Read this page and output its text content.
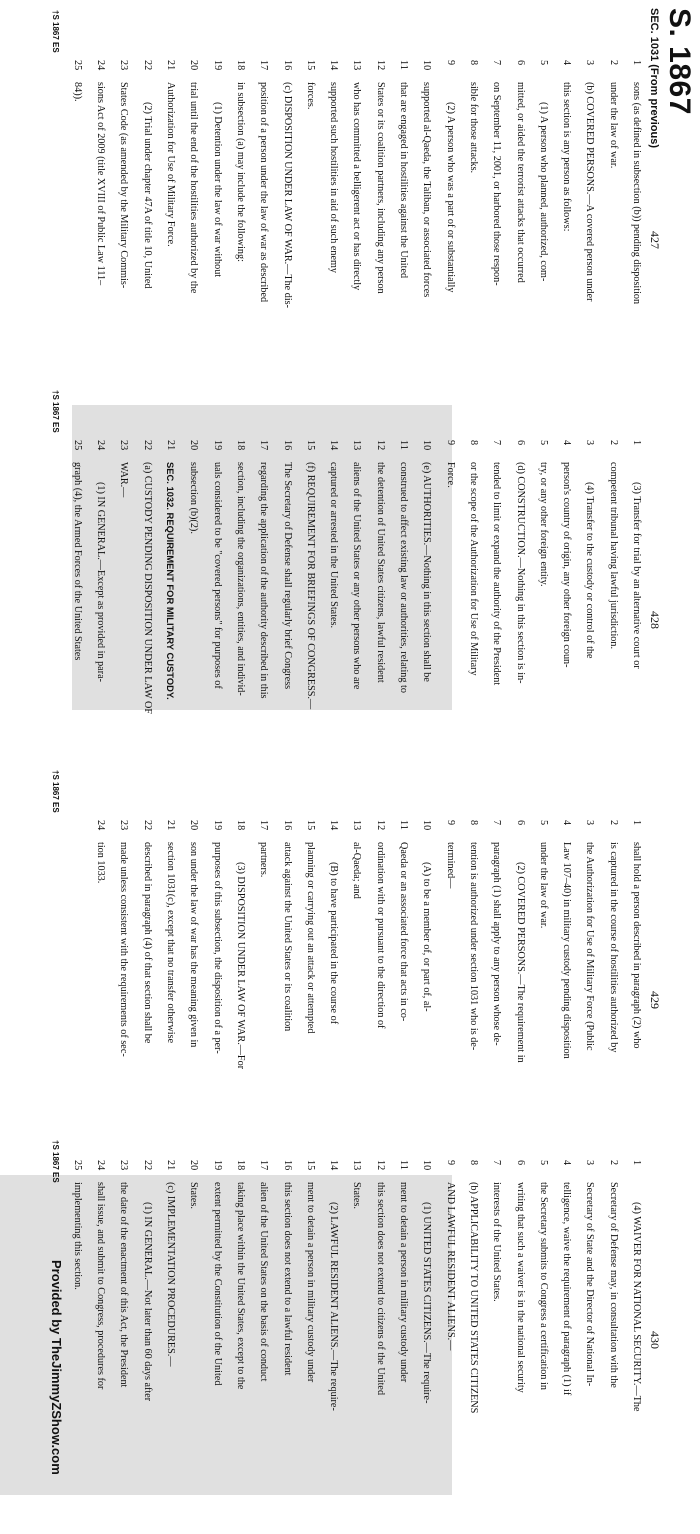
S. 1867
SEC. 1031 (From previous)
427
1
sons (as defined in subsection (b)) pending disposition
2
under the law of war.
3
(b) COVERED PERSONS.—A covered person under
4
this section is any person as follows:
5
(1) A person who planned, authorized, com-
6
mitted, or aided the terrorist attacks that occurred
7
on September 11, 2001, or harbored those respon-
8
sible for those attacks.
9
(2) A person who was a part of or substantially
10
supported al-Qaeda, the Taliban, or associated forces
11
that are engaged in hostilities against the United
12
States or its coalition partners, including any person
13
who has committed a belligerent act or has directly
14
supported such hostilities in aid of such enemy
15
forces.
16
(c) DISPOSITION UNDER LAW OF WAR.—The dis-
17
position of a person under the law of war as described
18
in subsection (a) may include the following:
19
(1) Detention under the law of war without
20
trial until the end of the hostilities authorized by the
21
Authorization for Use of Military Force.
22
(2) Trial under chapter 47A of title 10, United
23
States Code (as amended by the Military Commis-
24
sions Act of 2009 (title XVIII of Public Law 111–
25
84)).
428
1
(3) Transfer for trial by an alternative court or
2
competent tribunal having lawful jurisdiction.
3
(4) Transfer to the custody or control of the
4
person's country of origin, any other foreign coun-
5
try, or any other foreign entity.
6
(d) CONSTRUCTION.—Nothing in this section is in-
7
tended to limit or expand the authority of the President
8
or the scope of the Authorization for Use of Military
9
Force.
10
(e) AUTHORITIES.—Nothing in this section shall be
11
construed to affect existing law or authorities, relating to
12
the detention of United States citizens, lawful resident
13
aliens of the United States or any other persons who are
14
captured or arrested in the United States.
15
(f) REQUIREMENT FOR BRIEFINGS OF CONGRESS.—
16
The Secretary of Defense shall regularly brief Congress
17
regarding the application of the authority described in this
18
section, including the organizations, entities, and individ-
19
uals considered to be "covered persons" for purposes of
20
subsection (b)(2).
21
SEC. 1032. REQUIREMENT FOR MILITARY CUSTODY.
22
(a) CUSTODY PENDING DISPOSITION UNDER LAW OF
23
WAR.—
24
(1) IN GENERAL.—Except as provided in para-
25
graph (4), the Armed Forces of the United States
429
1
shall hold a person described in paragraph (2) who
2
is captured in the course of hostilities authorized by
3
the Authorization for Use of Military Force (Public
4
Law 107–40) in military custody pending disposition
5
under the law of war.
6
(2) COVERED PERSONS.—The requirement in
7
paragraph (1) shall apply to any person whose de-
8
tention is authorized under section 1031 who is de-
9
termined—
10
(A) to be a member of, or part of, al-
11
Qaeda or an associated force that acts in co-
12
ordination with or pursuant to the direction of
13
al-Qaeda; and
14
(B) to have participated in the course of
15
planning or carrying out an attack or attempted
16
attack against the United States or its coalition
17
partners.
18
(3) DISPOSITION UNDER LAW OF WAR.—For
19
purposes of this subsection, the disposition of a per-
20
son under the law of war has the meaning given in
21
section 1031(c), except that no transfer otherwise
22
described in paragraph (4) of that section shall be
23
made unless consistent with the requirements of sec-
24
tion 1033.
430
1
(4) WAIVER FOR NATIONAL SECURITY.—The
2
Secretary of Defense may, in consultation with the
3
Secretary of State and the Director of National In-
4
telligence, waive the requirement of paragraph (1) if
5
the Secretary submits to Congress a certification in
6
writing that such a waiver is in the national security
7
interests of the United States.
8
(b) APPLICABILITY TO UNITED STATES CITIZENS
9
AND LAWFUL RESIDENT ALIENS.—
10
(1) UNITED STATES CITIZENS.—The require-
11
ment to detain a person in military custody under
12
this section does not extend to citizens of the United
13
States.
14
(2) LAWFUL RESIDENT ALIENS.—The require-
15
ment to detain a person in military custody under
16
this section does not extend to a lawful resident
17
alien of the United States on the basis of conduct
18
taking place within the United States, except to the
19
extent permitted by the Constitution of the United
20
States.
21
(c) IMPLEMENTATION PROCEDURES.—
22
(1) IN GENERAL.—Not later than 60 days after
23
the date of the enactment of this Act, the President
24
shall issue, and submit to Congress, procedures for
25
implementing this section.
†S 1867 ES
†S 1867 ES
†S 1867 ES
†S 1867 ES
Provided by TheJimmyZShow.com
